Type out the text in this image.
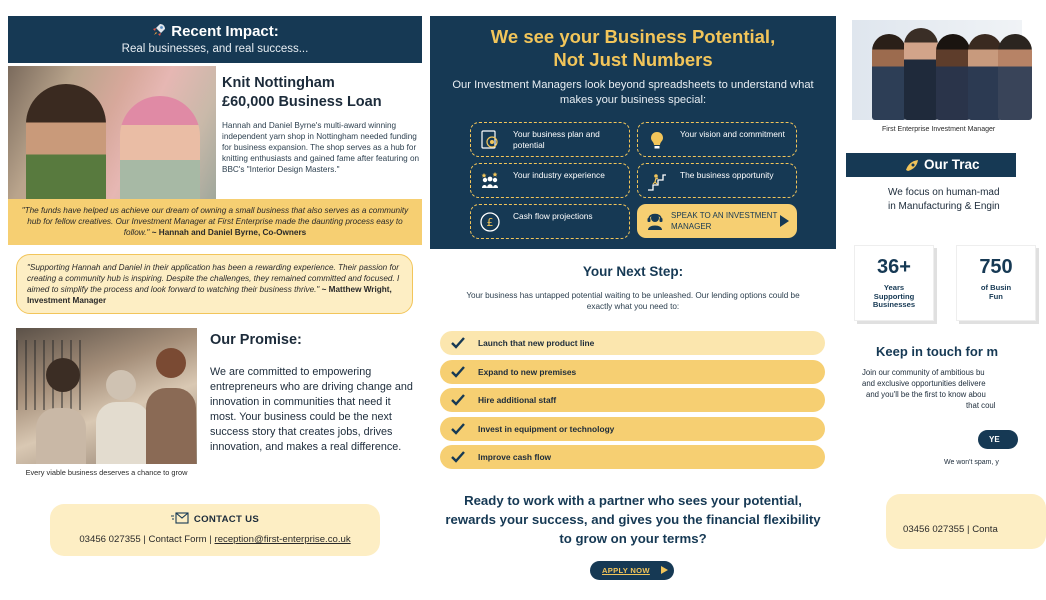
Recent Impact:
Real businesses, and real success...
Knit Nottingham
£60,000 Business Loan
Hannah and Daniel Byrne's multi-award winning independent yarn shop in Nottingham needed funding for business expansion. The shop serves as a hub for knitting enthusiasts and gained fame after featuring on BBC's "Interior Design Masters."
"The funds have helped us achieve our dream of owning a small business that also serves as a community hub for fellow creatives. Our Investment Manager at First Enterprise made the daunting process easy to follow." ~ Hannah and Daniel Byrne, Co-Owners
"Supporting Hannah and Daniel in their application has been a rewarding experience. Their passion for creating a community hub is inspiring. Despite the challenges, they remained committed and focused. I aimed to simplify the process and look forward to watching their business thrive." ~ Matthew Wright, Investment Manager
Every viable business deserves a chance to grow
Our Promise:
We are committed to empowering entrepreneurs who are driving change and innovation in communities that need it most. Your business could be the next success story that creates jobs, drives innovation, and makes a real difference.
CONTACT US
03456 027355 | Contact Form | reception@first-enterprise.co.uk
We see your Business Potential,
Not Just Numbers
Our Investment Managers look beyond spreadsheets to understand what makes your business special:
Your business plan and potential
Your vision and commitment
Your industry experience	The business opportunity
£ Cash flow projections	SPEAK TO AN INVESTMENT MANAGER
Your Next Step:
Your business has untapped potential waiting to be unleashed. Our lending options could be exactly what you need to:
Launch that new product line
Expand to new premises
Hire additional staff
Invest in equipment or technology
Improve cash flow
Ready to work with a partner who sees your potential, rewards your success, and gives you the financial flexibility to grow on your terms?
APPLY NOW
First Enterprise Investment Manager
Our Trac
We focus on human-mad
in Manufacturing & Engin
36+
Years
Supporting
Businesses
750
of Busin
Fun
Keep in touch for m
Join our community of ambitious bu
and exclusive opportunities delivere
and you'll be the first to know abou
that coul
YE
We won't spam, y
03456 027355 | Conta
